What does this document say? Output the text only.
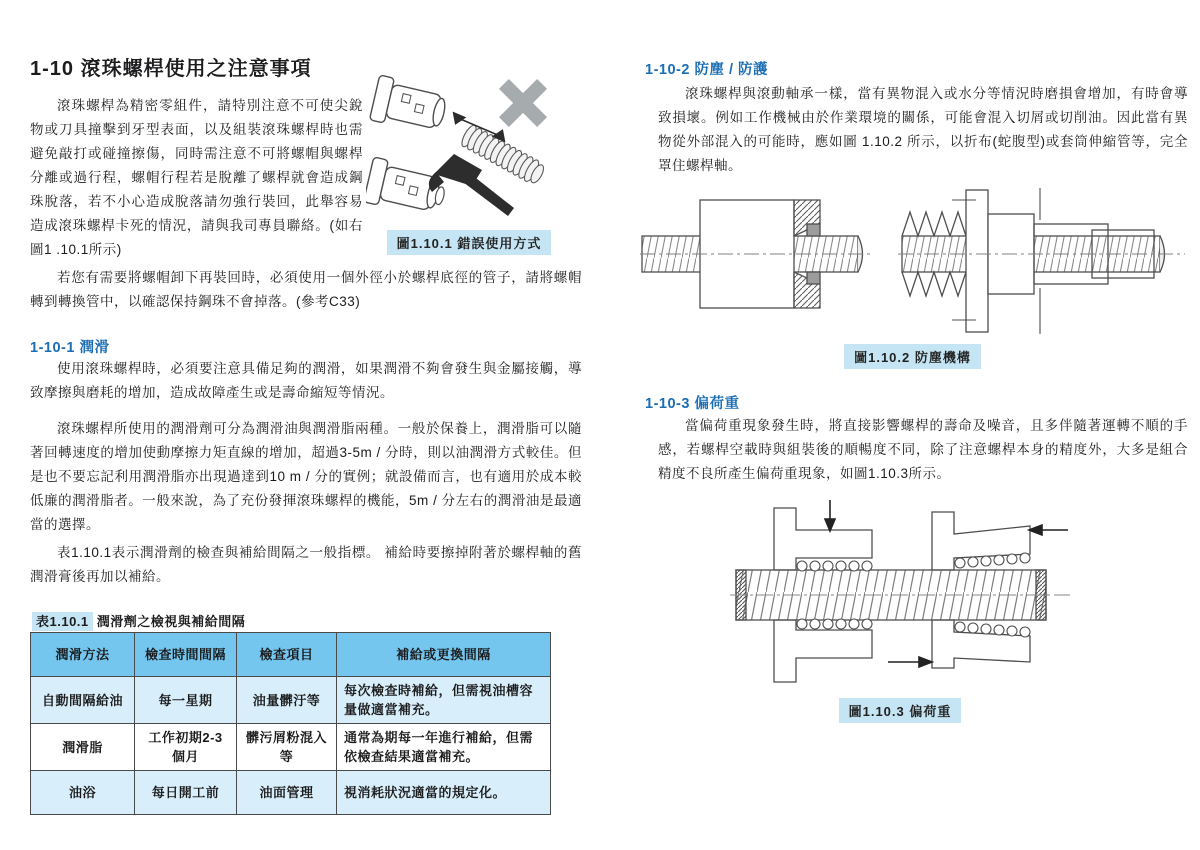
1-10 滾珠螺桿使用之注意事項

滾珠螺桿為精密零組件，請特別注意不可使尖銳物或刀具撞擊到牙型表面，以及組裝滾珠螺桿時也需避免敲打或碰撞擦傷，同時需注意不可將螺帽與螺桿分離或過行程，螺帽行程若是脫離了螺桿就會造成鋼珠脫落，若不小心造成脫落請勿強行裝回，此舉容易造成滾珠螺桿卡死的情況，請與我司專員聯絡。(如右 圖1 .10.1所示)	圖1.10.1 錯誤使用方式

若您有需要將螺帽卸下再裝回時，必須使用一個外徑小於螺桿底徑的管子，請將螺帽轉到轉換管中，以確認保持鋼珠不會掉落。(參考C33)

1-10-1 潤滑

使用滾珠螺桿時，必須要注意具備足夠的潤滑，如果潤滑不夠會發生與金屬接觸，導致摩擦與磨耗的增加，造成故障產生或是壽命縮短等情況。

滾珠螺桿所使用的潤滑劑可分為潤滑油與潤滑脂兩種。一般於保養上，潤滑脂可以隨著回轉速度的增加使動摩擦力矩直線的增加，超過3-5m / 分時，則以油潤滑方式較佳。但是也不要忘記利用潤滑脂亦出現過達到10 m / 分的實例；就設備而言，也有適用於成本較低廉的潤滑脂者。一般來說，為了充份發揮滾珠螺桿的機能，5m / 分左右的潤滑油是最適當的選擇。

表1.10.1表示潤滑劑的檢查與補給間隔之一般指標。 補給時要擦掉附著於螺桿軸的舊潤滑膏後再加以補給。

表1.10.1 潤滑劑之檢視與補給間隔
潤滑方法	檢查時間間隔	檢查項目	補給或更換間隔
自動間隔給油	每一星期	油量髒汙等	每次檢查時補給，但需視油槽容量做適當補充。
潤滑脂	工作初期2-3個月	髒污屑粉混入等	通常為期每一年進行補給，但需依檢查結果適當補充。
油浴	每日開工前	油面管理	視消耗狀況適當的規定化。
1-10-2 防塵 / 防護

滾珠螺桿與滾動軸承一樣，當有異物混入或水分等情況時磨損會增加，有時會導致損壞。例如工作機械由於作業環境的關係，可能會混入切屑或切削油。因此當有異物從外部混入的可能時，應如圖 1.10.2 所示，以折布(蛇腹型)或套筒伸縮管等，完全罩住螺桿軸。

圖1.10.2 防塵機構
1-10-3 偏荷重

當偏荷重現象發生時，將直接影響螺桿的壽命及噪音，且多伴隨著運轉不順的手感，若螺桿空載時與組裝後的順暢度不同，除了注意螺桿本身的精度外，大多是組合精度不良所產生偏荷重現象，如圖1.10.3所示。

圖1.10.3 偏荷重
